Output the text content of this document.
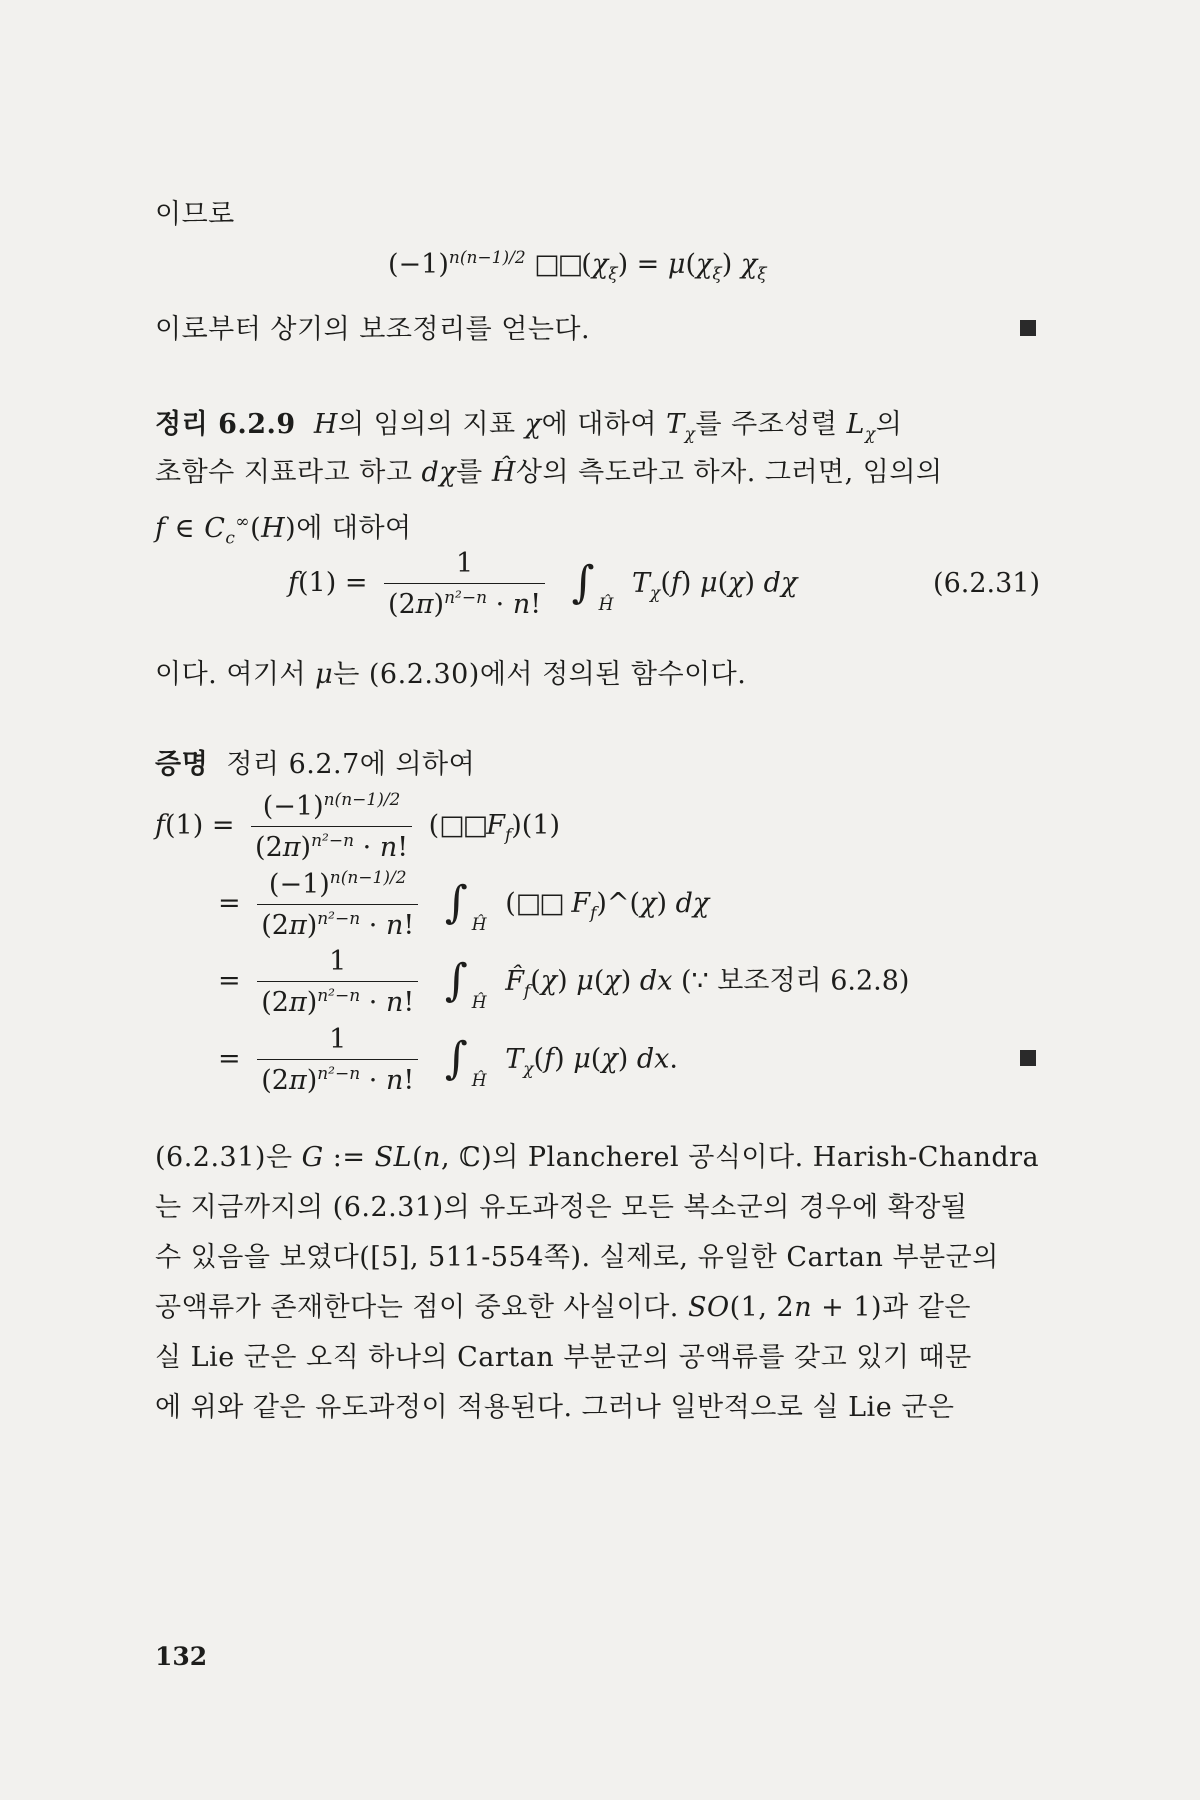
이므로
$(-1)^{n(n-1)/2}$ $□□(\chi_\xi) = \mu(\chi_\xi)$ $\chi_\xi$
이로부터 상기의 보조정리를 얻는다.
정리 6.2.9 H의 임의의 지표 χ에 대하여 $T_\chi$를 주조성렬 $L_\chi$의
초함수 지표라고 하고 dχ를 Ĥ상의 측도라고 하자. 그러면, 임의의
f ∈ $C_c^\infty(H)$에 대하여
$f(1) = \frac{1}{(2\pi)^{n^2-n} \cdot n!}$ ∫ $_Ĥ$ $T_\chi(f)$ μ(χ) dχ	(6.2.31)
이다. 여기서 μ는 (6.2.30)에서 정의된 함수이다.
증명 정리 6.2.7에 의하여
$f(1) = \frac{(-1)^{n(n-1)/2}}{(2\pi)^{n^2-n} \cdot n!}$ $(□□F_f)(1)$
= $\frac{(-1)^{n(n-1)/2}}{(2\pi)^{n^2-n} \cdot n!}$ ∫ $_Ĥ$ (□□ $F_f)\^{}(\chi)$ dχ
= $\frac{1}{(2\pi)^{n^2-n} \cdot n!}$ ∫ $_Ĥ$ $F̂_f(\chi)$ μ(χ) dx (∵ 보조정리 6.2.8)
= $\frac{1}{(2\pi)^{n^2-n} \cdot n!}$ ∫ $_Ĥ$ $T_\chi(f)$ μ(χ) dx.
(6.2.31)은 G := SL(n, ℂ)의 Plancherel 공식이다. Harish-Chandra
는 지금까지의 (6.2.31)의 유도과정은 모든 복소군의 경우에 확장될
수 있음을 보였다([5], 511-554쪽). 실제로, 유일한 Cartan 부분군의
공액류가 존재한다는 점이 중요한 사실이다. SO(1, 2n + 1)과 같은
실 Lie 군은 오직 하나의 Cartan 부분군의 공액류를 갖고 있기 때문
에 위와 같은 유도과정이 적용된다. 그러나 일반적으로 실 Lie 군은
132
